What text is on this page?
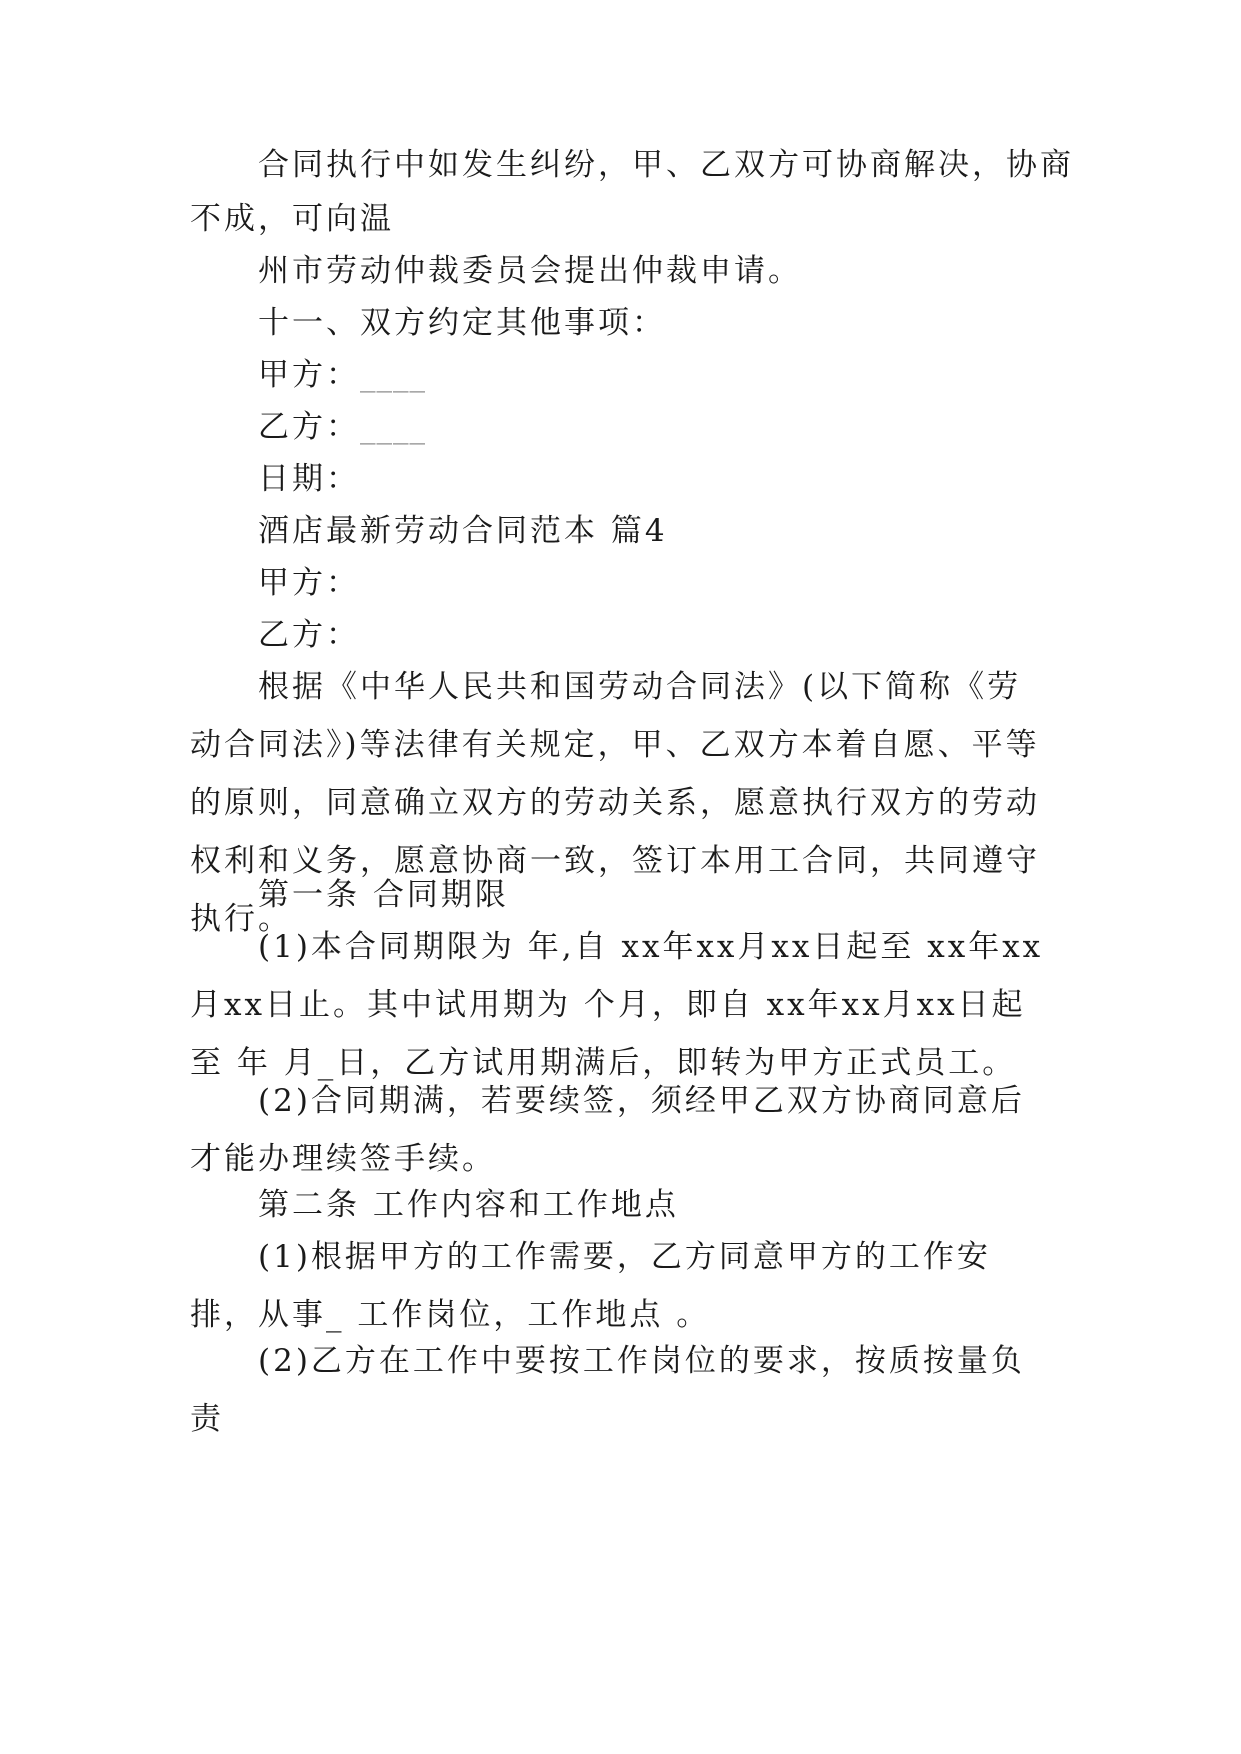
合同执行中如发生纠纷，甲、乙双方可协商解决，协商

不成，可向温

州市劳动仲裁委员会提出仲裁申请。

十一、双方约定其他事项：

甲方：____

乙方：____

日期：

酒店最新劳动合同范本 篇4

甲方：

乙方：

根据《中华人民共和国劳动合同法》(以下简称《劳动合同法》)等法律有关规定，甲、乙双方本着自愿、平等的原则，同意确立双方的劳动关系，愿意执行双方的劳动权利和义务，愿意协商一致，签订本用工合同，共同遵守执行。

第一条 合同期限

(1)本合同期限为 年,自 xx年xx月xx日起至 xx年xx月xx日止。其中试用期为 个月，即自 xx年xx月xx日起至 年 月_日，乙方试用期满后，即转为甲方正式员工。

(2)合同期满，若要续签，须经甲乙双方协商同意后才能办理续签手续。

第二条 工作内容和工作地点

(1)根据甲方的工作需要，乙方同意甲方的工作安排，从事_ 工作岗位，工作地点 。

(2)乙方在工作中要按工作岗位的要求，按质按量负责
